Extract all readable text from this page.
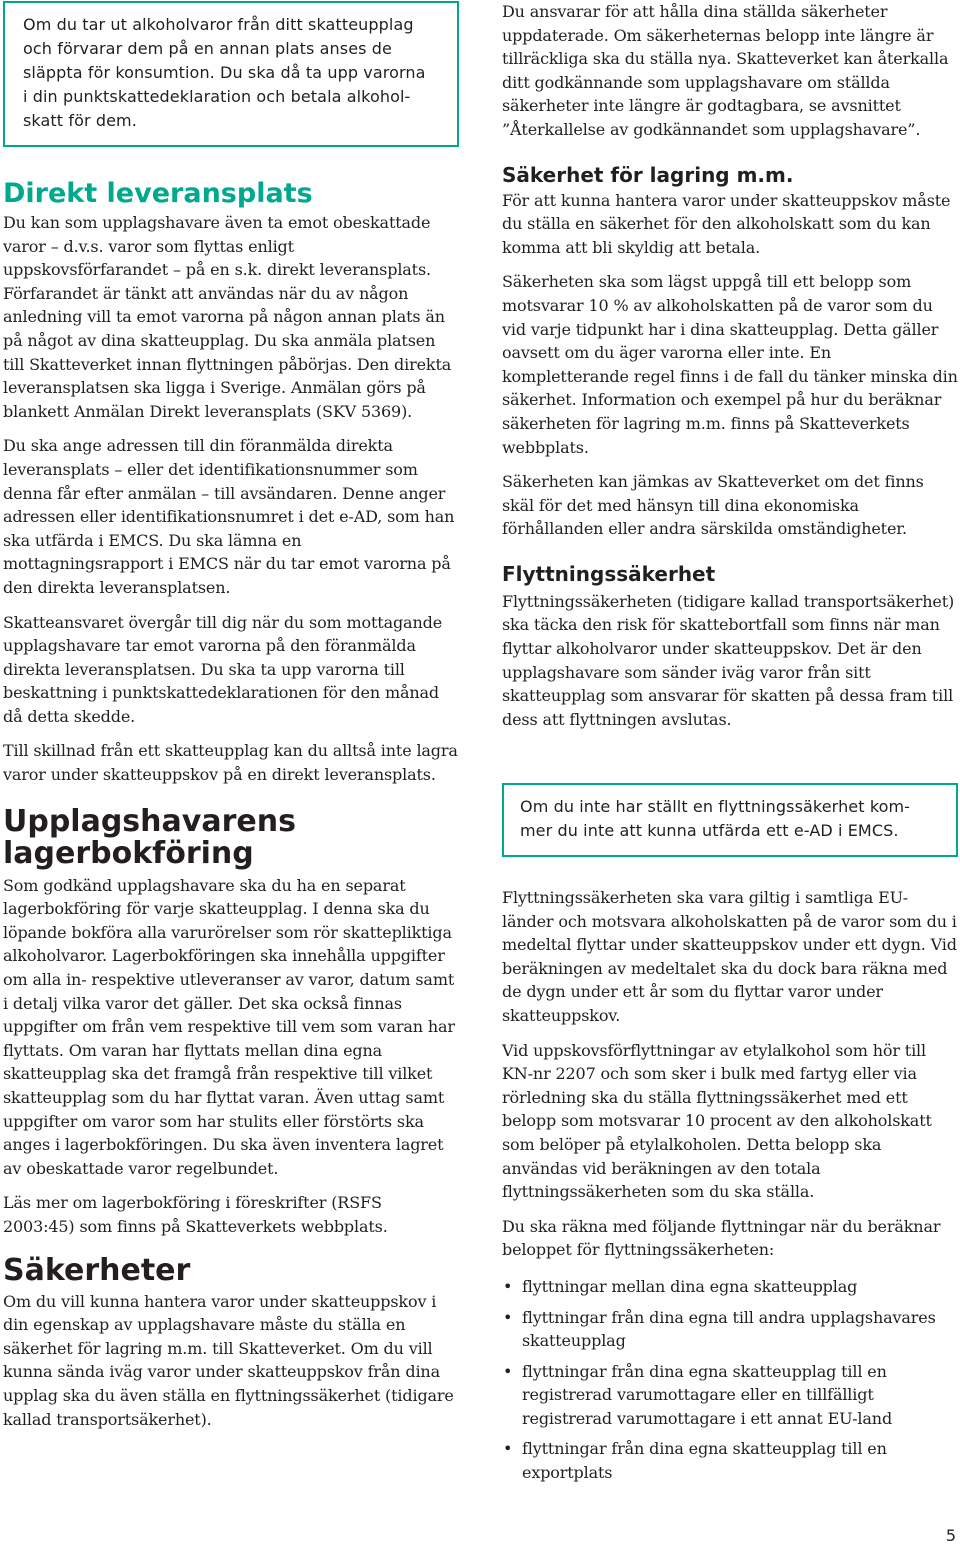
Om du tar ut alkoholvaror från ditt skatteupplag

och förvarar dem på en annan plats anses de

släppta för konsumtion. Du ska då ta upp varorna

i din punktskattedeklaration och betala alkohol-

skatt för dem.

Direkt leveransplats

Du kan som upplagshavare även ta emot obeskattade varor – d.v.s. varor som flyttas enligt uppskovsförfarandet – på en s.k. direkt leveransplats. Förfarandet är tänkt att användas när du av någon anledning vill ta emot varorna på någon annan plats än på något av dina skatteupplag. Du ska anmäla platsen till Skatteverket innan flyttningen påbörjas. Den direkta leveransplatsen ska ligga i Sverige. Anmälan görs på blankett Anmälan Direkt leveransplats (SKV 5369).

Du ska ange adressen till din föranmälda direkta leveransplats – eller det identifikationsnummer som denna får efter anmälan – till avsändaren. Denne anger adressen eller identifikationsnumret i det e-AD, som han ska utfärda i EMCS. Du ska lämna en mottagningsrapport i EMCS när du tar emot varorna på den direkta leveransplatsen.

Skatteansvaret övergår till dig när du som mottagande upplagshavare tar emot varorna på den föranmälda direkta leveransplatsen. Du ska ta upp varorna till beskattning i punktskattedeklarationen för den månad då detta skedde.

Till skillnad från ett skatteupplag kan du alltså inte lagra varor under skatteuppskov på en direkt leveransplats.

Upplagshavarens lagerbokföring

Som godkänd upplagshavare ska du ha en separat lagerbokföring för varje skatteupplag. I denna ska du löpande bokföra alla varurörelser som rör skattepliktiga alkoholvaror. Lagerbokföringen ska innehålla uppgifter om alla in- respektive utleveranser av varor, datum samt i detalj vilka varor det gäller. Det ska också finnas uppgifter om från vem respektive till vem som varan har flyttats. Om varan har flyttats mellan dina egna skatteupplag ska det framgå från respektive till vilket skatteupplag som du har flyttat varan. Även uttag samt uppgifter om varor som har stulits eller förstörts ska anges i lagerbokföringen. Du ska även inventera lagret av obeskattade varor regelbundet.

Läs mer om lagerbokföring i föreskrifter (RSFS 2003:45) som finns på Skatteverkets webbplats.

Säkerheter

Om du vill kunna hantera varor under skatteuppskov i din egenskap av upplagshavare måste du ställa en säkerhet för lagring m.m. till Skatteverket. Om du vill kunna sända iväg varor under skatteuppskov från dina upplag ska du även ställa en flyttningssäkerhet (tidigare kallad transportsäkerhet).

Du ansvarar för att hålla dina ställda säkerheter uppdaterade. Om säkerheternas belopp inte längre är tillräckliga ska du ställa nya. Skatteverket kan återkalla ditt godkännande som upplagshavare om ställda säkerheter inte längre är godtagbara, se avsnittet ”Återkallelse av godkännandet som upplagshavare”.

Säkerhet för lagring m.m.

För att kunna hantera varor under skatteuppskov måste du ställa en säkerhet för den alkoholskatt som du kan komma att bli skyldig att betala.

Säkerheten ska som lägst uppgå till ett belopp som motsvarar 10 % av alkoholskatten på de varor som du vid varje tidpunkt har i dina skatteupplag. Detta gäller oavsett om du äger varorna eller inte. En kompletterande regel finns i de fall du tänker minska din säkerhet. Information och exempel på hur du beräknar säkerheten för lagring m.m. finns på Skatteverkets webbplats.

Säkerheten kan jämkas av Skatteverket om det finns skäl för det med hänsyn till dina ekonomiska förhållanden eller andra särskilda omständigheter.

Flyttningssäkerhet

Flyttningssäkerheten (tidigare kallad transportsäkerhet) ska täcka den risk för skattebortfall som finns när man flyttar alkoholvaror under skatteuppskov. Det är den upplagshavare som sänder iväg varor från sitt skatteupplag som ansvarar för skatten på dessa fram till dess att flyttningen avslutas.

Om du inte har ställt en flyttningssäkerhet kom-

mer du inte att kunna utfärda ett e-AD i EMCS.

Flyttningssäkerheten ska vara giltig i samtliga EU-länder och motsvara alkoholskatten på de varor som du i medeltal flyttar under skatteuppskov under ett dygn. Vid beräkningen av medeltalet ska du dock bara räkna med de dygn under ett år som du flyttar varor under skatteuppskov.

Vid uppskovsförflyttningar av etylalkohol som hör till KN-nr 2207 och som sker i bulk med fartyg eller via rörledning ska du ställa flyttningssäkerhet med ett belopp som motsvarar 10 procent av den alkoholskatt som belöper på etylalkoholen. Detta belopp ska användas vid beräkningen av den totala flyttningssäkerheten som du ska ställa.

Du ska räkna med följande flyttningar när du beräknar beloppet för flyttningssäkerheten:

• flyttningar mellan dina egna skatteupplag
• flyttningar från dina egna till andra upplagshavares skatteupplag
• flyttningar från dina egna skatteupplag till en registrerad varumottagare eller en tillfälligt registrerad varumottagare i ett annat EU-land
• flyttningar från dina egna skatteupplag till en exportplats
5
